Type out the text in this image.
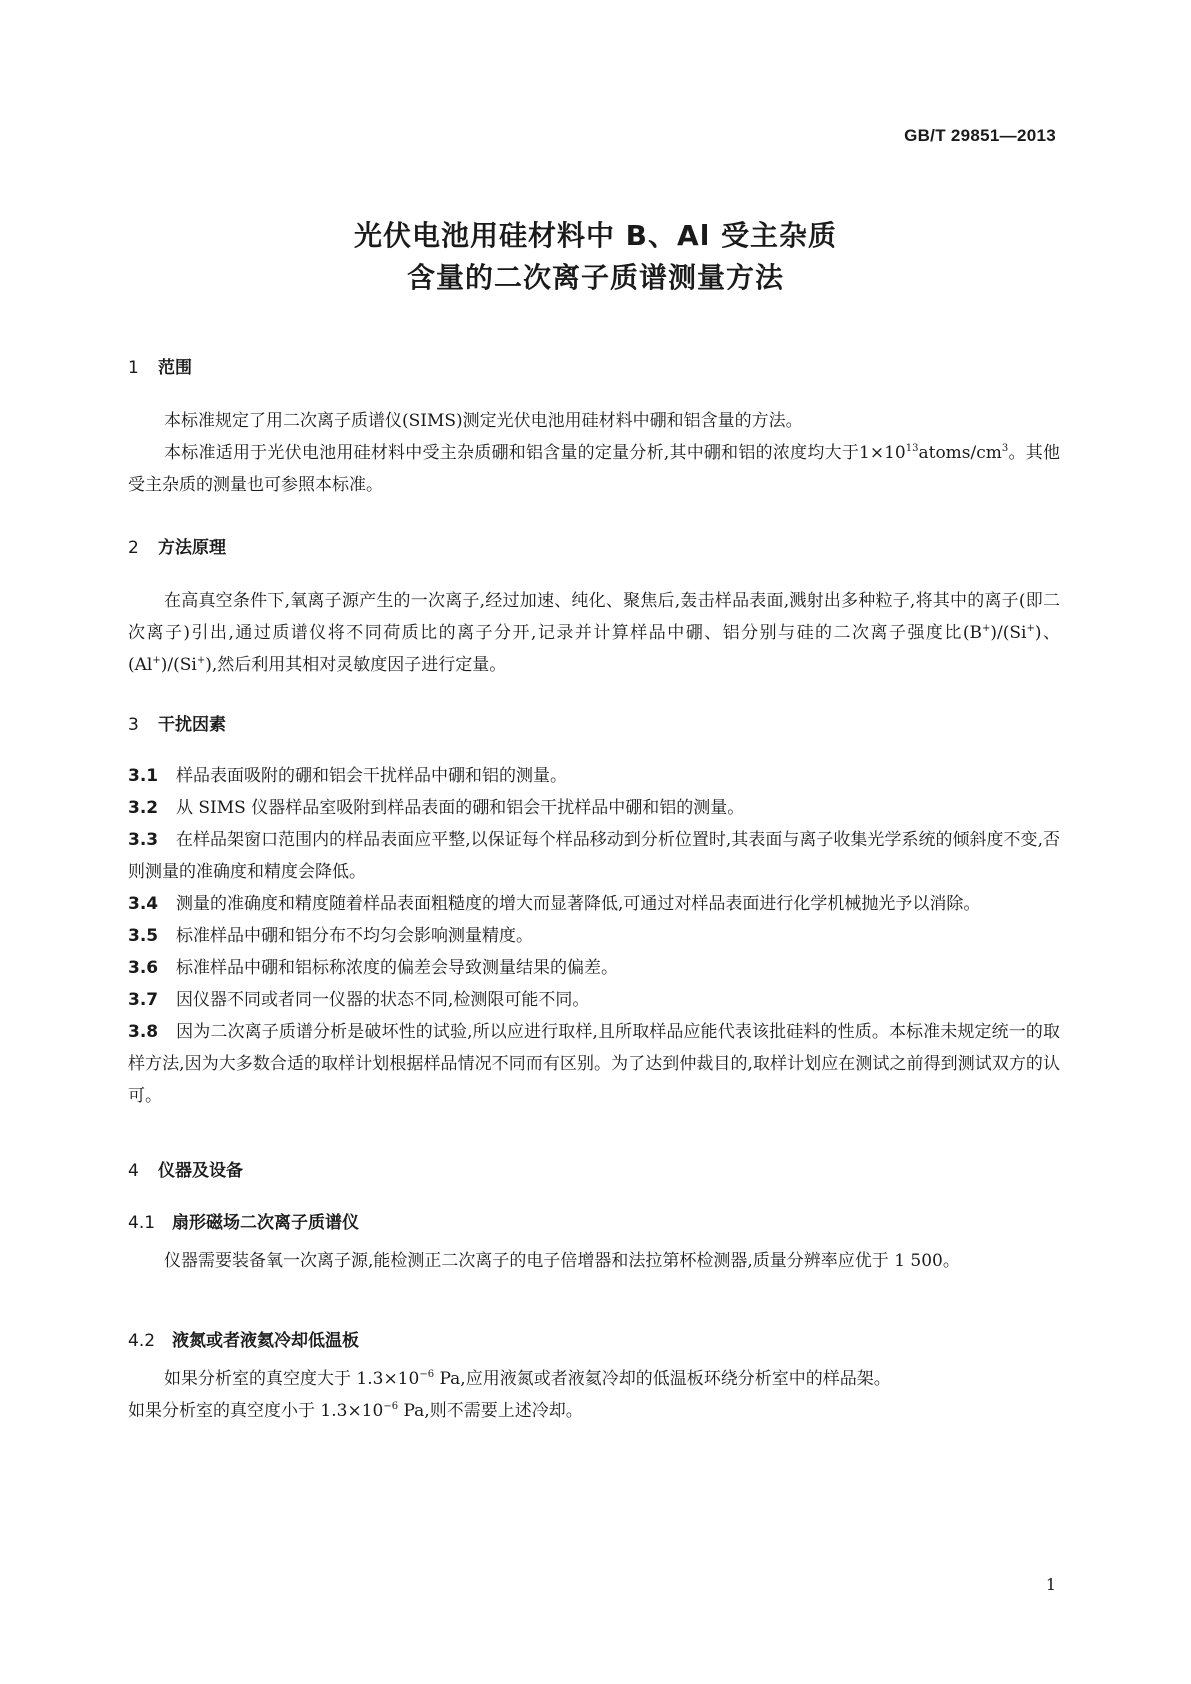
GB/T 29851—2013
光伏电池用硅材料中 B、Al 受主杂质
含量的二次离子质谱测量方法
1 范围
本标准规定了用二次离子质谱仪(SIMS)测定光伏电池用硅材料中硼和铝含量的方法。
本标准适用于光伏电池用硅材料中受主杂质硼和铝含量的定量分析,其中硼和铝的浓度均大于$1\times 10^{13}atoms/cm^3$。其他受主杂质的测量也可参照本标准。
2 方法原理
在高真空条件下,氧离子源产生的一次离子,经过加速、纯化、聚焦后,轰击样品表面,溅射出多种粒子,将其中的离子(即二次离子)引出,通过质谱仪将不同荷质比的离子分开,记录并计算样品中硼、铝分别与硅的二次离子强度比(B+)/(Si+)、(Al+)/(Si+),然后利用其相对灵敏度因子进行定量。
3 干扰因素
3.1 样品表面吸附的硼和铝会干扰样品中硼和铝的测量。
3.2 从 SIMS 仪器样品室吸附到样品表面的硼和铝会干扰样品中硼和铝的测量。
3.3 在样品架窗口范围内的样品表面应平整,以保证每个样品移动到分析位置时,其表面与离子收集光学系统的倾斜度不变,否则测量的准确度和精度会降低。
3.4 测量的准确度和精度随着样品表面粗糙度的增大而显著降低,可通过对样品表面进行化学机械抛光予以消除。
3.5 标准样品中硼和铝分布不均匀会影响测量精度。
3.6 标准样品中硼和铝标称浓度的偏差会导致测量结果的偏差。
3.7 因仪器不同或者同一仪器的状态不同,检测限可能不同。
3.8 因为二次离子质谱分析是破坏性的试验,所以应进行取样,且所取样品应能代表该批硅料的性质。本标准未规定统一的取样方法,因为大多数合适的取样计划根据样品情况不同而有区别。为了达到仲裁目的,取样计划应在测试之前得到测试双方的认可。
4 仪器及设备
4.1 扇形磁场二次离子质谱仪
仪器需要装备氧一次离子源,能检测正二次离子的电子倍增器和法拉第杯检测器,质量分辨率应优于 1 500。
4.2 液氮或者液氦冷却低温板
如果分析室的真空度大于 $1.3\times 10^{-6}$ Pa,应用液氮或者液氦冷却的低温板环绕分析室中的样品架。
如果分析室的真空度小于 $1.3\times 10^{-6}$ Pa,则不需要上述冷却。
1
